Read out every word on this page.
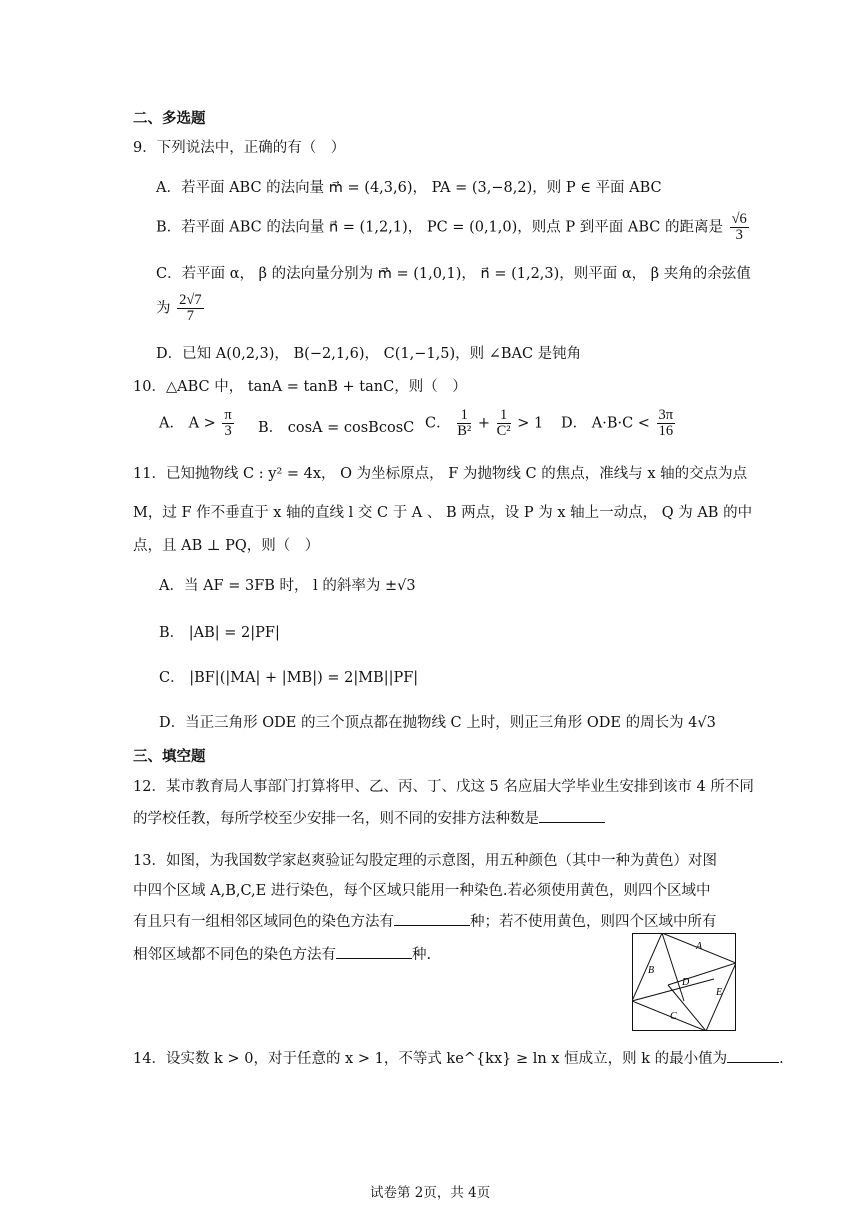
二、多选题
9．下列说法中，正确的有（　）
A．若平面 ABC 的法向量 m⃗ = (4,3,6)， PA = (3,−8,2)，则 P ∈ 平面 ABC
B．若平面 ABC 的法向量 n⃗ = (1,2,1)， PC = (0,1,0)，则点 P 到平面 ABC 的距离是 $\frac{√6}{3}$
C．若平面 α， β 的法向量分别为 m⃗ = (1,0,1)， n⃗ = (1,2,3)，则平面 α， β 夹角的余弦值
为 $\frac{2√7}{7}$
D．已知 A(0,2,3)， B(−2,1,6)， C(1,−1,5)，则 ∠BAC 是钝角
10．△ABC 中， tanA = tanB + tanC，则（　）
A． $A > \frac{\pi}{3}$ B． cosA = cosBcosC C． $\frac{1}{\text{B²}} + \frac{1}{\text{C²}} > 1$ D． $A\cdot B\cdot C < \frac{3\pi}{16}$
11．已知抛物线 C : y² = 4x， O 为坐标原点， F 为抛物线 C 的焦点，准线与 x 轴的交点为点
M，过 F 作不垂直于 x 轴的直线 l 交 C 于 A 、 B 两点，设 P 为 x 轴上一动点， Q 为 AB 的中
点，且 AB ⊥ PQ，则（　）
A．当 AF = 3FB 时， l 的斜率为 ±√3
B． |AB| = 2|PF|
C． |BF|(|MA| + |MB|) = 2|MB||PF|
D．当正三角形 ODE 的三个顶点都在抛物线 C 上时，则正三角形 ODE 的周长为 4√3
三、填空题
12．某市教育局人事部门打算将甲、乙、丙、丁、戊这 5 名应届大学毕业生安排到该市 4 所不同
的学校任教，每所学校至少安排一名，则不同的安排方法种数是
13．如图，为我国数学家赵爽验证勾股定理的示意图，用五种颜色（其中一种为黄色）对图
中四个区域 A,B,C,E 进行染色，每个区域只能用一种染色.若必须使用黄色，则四个区域中
有且只有一组相邻区域同色的染色方法有	种；若不使用黄色，则四个区域中所有
相邻区域都不同色的染色方法有	种.
A
B
D
E
C
14．设实数 k > 0，对于任意的 x > 1，不等式 ke^{kx} ≥ ln x 恒成立，则 k 的最小值为	.
试卷第 2页，共 4页
